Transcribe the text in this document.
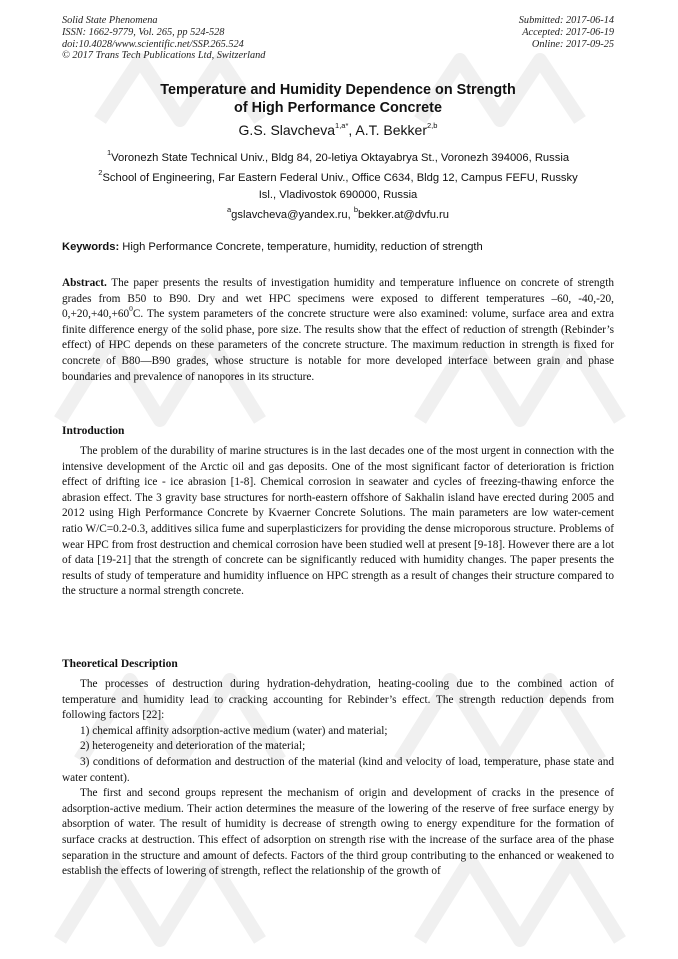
Solid State Phenomena
ISSN: 1662-9779, Vol. 265, pp 524-528
doi:10.4028/www.scientific.net/SSP.265.524
© 2017 Trans Tech Publications Ltd, Switzerland
Submitted: 2017-06-14
Accepted: 2017-06-19
Online: 2017-09-25
Temperature and Humidity Dependence on Strength
of High Performance Concrete
G.S. Slavcheva$^{1,a*}$, A.T. Bekker$^{2,b}$
$^1$Voronezh State Technical Univ., Bldg 84, 20-letiya Oktayabrya St., Voronezh 394006, Russia
$^2$School of Engineering, Far Eastern Federal Univ., Office C634, Bldg 12, Campus FEFU, Russky
Isl., Vladivostok 690000, Russia
$^a$gslavcheva@yandex.ru, $^b$bekker.at@dvfu.ru
Keywords: High Performance Concrete, temperature, humidity, reduction of strength
Abstract. The paper presents the results of investigation humidity and temperature influence on concrete of strength grades from B50 to B90. Dry and wet HPC specimens were exposed to different temperatures –60, -40,-20, $0,+20,+40,+60^0C$. The system parameters of the concrete structure were also examined: volume, surface area and extra finite difference energy of the solid phase, pore size. The results show that the effect of reduction of strength (Rebinder’s effect) of HPC depends on these parameters of the concrete structure. The maximum reduction in strength is fixed for concrete of B80—B90 grades, whose structure is notable for more developed interface between grain and phase boundaries and prevalence of nanopores in its structure.
Introduction
The problem of the durability of marine structures is in the last decades one of the most urgent in connection with the intensive development of the Arctic oil and gas deposits. One of the most significant factor of deterioration is friction effect of drifting ice - ice abrasion [1-8]. Chemical corrosion in seawater and cycles of freezing-thawing enforce the abrasion effect. The 3 gravity base structures for north-eastern offshore of Sakhalin island have erected during 2005 and 2012 using High Performance Concrete by Kvaerner Concrete Solutions. The main parameters are low water-cement ratio W/C=0.2-0.3, additives silica fume and superplasticizers for providing the dense microporous structure. Problems of wear HPC from frost destruction and chemical corrosion have been studied well at present [9-18]. However there are a lot of data [19-21] that the strength of concrete can be significantly reduced with humidity changes. The paper presents the results of study of temperature and humidity influence on HPC strength as a result of changes their structure compared to the structure a normal strength concrete.
Theoretical Description

The processes of destruction during hydration-dehydration, heating-cooling due to the combined action of temperature and humidity lead to cracking accounting for Rebinder’s effect. The strength reduction depends from following factors [22]:

1) chemical affinity adsorption-active medium (water) and material;

2) heterogeneity and deterioration of the material;

3) conditions of deformation and destruction of the material (kind and velocity of load, temperature, phase state and water content).

The first and second groups represent the mechanism of origin and development of cracks in the presence of adsorption-active medium. Their action determines the measure of the lowering of the reserve of free surface energy by absorption of water. The result of humidity is decrease of strength owing to energy expenditure for the formation of surface cracks at destruction. This effect of adsorption on strength rise with the increase of the surface area of the phase separation in the structure and amount of defects. Factors of the third group contributing to the enhanced or weakened to establish the effects of lowering of strength, reflect the relationship of the growth of
